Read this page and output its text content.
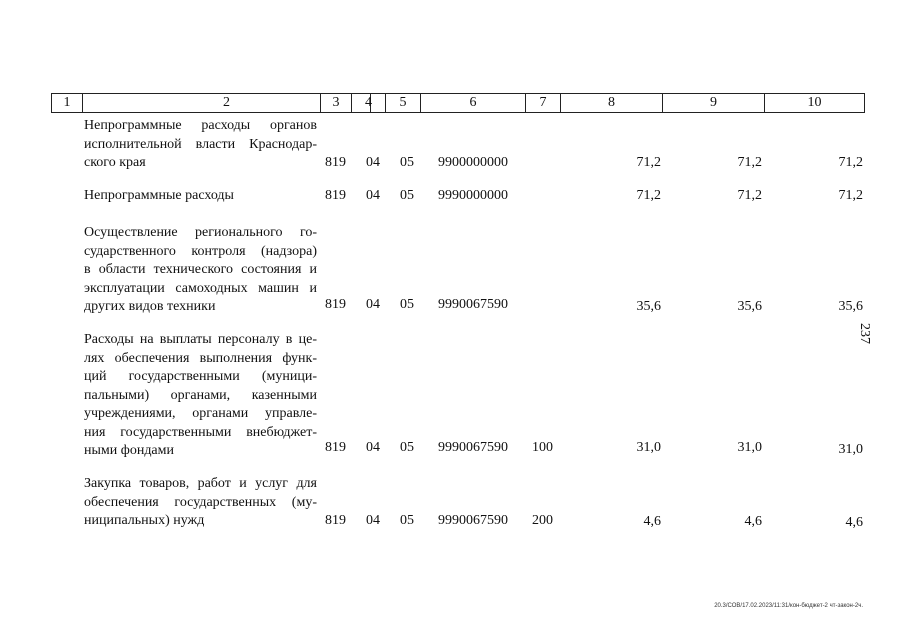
1	2	3	4	5	6	7	8	9	10
Непрограммные расходы органов
исполнительной власти Краснодар-
ского края	819 04 05 9900000000	71,2	71,2	71,2
Непрограммные расходы	819 04 05 9990000000	71,2	71,2	71,2
Осуществление регионального го-
сударственного контроля (надзора)
в области технического состояния и
эксплуатации самоходных машин и
других видов техники	819 04 05 9990067590	35,6	35,6	35,6
Расходы на выплаты персоналу в це-
лях обеспечения выполнения функ-
ций государственными (муници-
пальными) органами, казенными
учреждениями, органами управле-
ния государственными внебюджет-
ными фондами	819 04 05 9990067590 100	31,0	31,0	31,0
Закупка товаров, работ и услуг для
обеспечения государственных (му-
ниципальных) нужд	819 04 05 9990067590 200	4,6	4,6	4,6
237
20.3/СОВ/17.02.2023/11:31/кон-бюджет-2 чт-закон-2ч.
